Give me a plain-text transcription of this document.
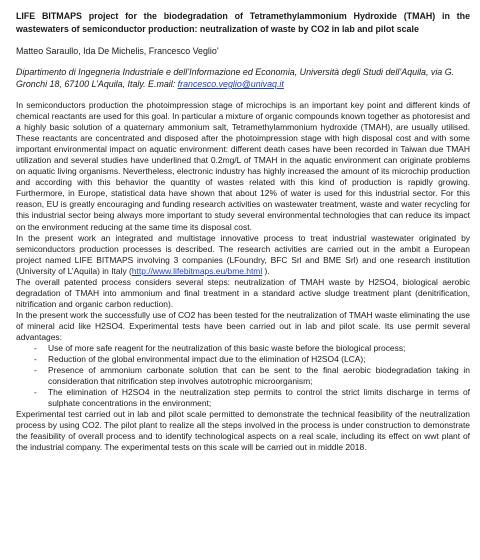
LIFE BITMAPS project for the biodegradation of Tetramethylammonium Hydroxide (TMAH) in the wastewaters of semiconductor production: neutralization of waste by CO2 in lab and pilot scale
Matteo Saraullo, Ida De Michelis, Francesco Veglio’
Dipartimento di Ingegneria Industriale e dell’Informazione ed Economia, Università degli Studi dell’Aquila, via G. Gronchi 18, 67100 L’Aquila, Italy. E.mail: francesco.veglio@univaq.it

In semiconductors production the photoimpression stage of microchips is an important key point and different kinds of chemical reactants are used for this goal. In particular a mixture of organic compounds known together as photoresist and a highly basic solution of a quaternary ammonium salt, Tetramethylammonium hydroxide (TMAH), are usually utilised. These reactants are concentrated and disposed after the photoimpression stage with high disposal cost and with some important environmental impact on aquatic environment: different death cases have been recorded in Taiwan due TMAH utilization and several studies have underlined that 0.2mg/L of TMAH in the aquatic environment can originate problems on aquatic living organisms. Nevertheless, electronic industry has highly increased the amount of its microchip production and according with this behavior the quantity of wastes related with this kind of production is rapidly growing. Furthermore, in Europe, statistical data have shown that about 12% of water is used for this industrial sector. For this reason, EU is greatly encouraging and funding research activities on wastewater treatment, waste and water recycling for this industrial sector being always more important to study several environmental technologies that can reduce its impact on the environment reducing at the same time its disposal cost.

In the present work an integrated and multistage innovative process to treat industrial wastewater originated by semiconductors production processes is described. The research activities are carried out in the ambit a European project named LIFE BITMAPS involving 3 companies (LFoundry, BFC Srl and BME Srl) and one research institution (University of L’Aquila) in Italy (http://www.lifebitmaps.eu/bme.html ).

The overall patented process considers several steps: neutralization of TMAH waste by H2SO4, biological aerobic degradation of TMAH into ammonium and final treatment in a standard active sludge treatment plant (denitrification, nitrification and organic carbon reduction).

In the present work the successfully use of CO2 has been tested for the neutralization of TMAH waste eliminating the use of mineral acid like H2SO4. Experimental tests have been carried out in lab and pilot scale. Its use permit several advantages:

- Use of more safe reagent for the neutralization of this basic waste before the biological process;
- Reduction of the global environmental impact due to the elimination of H2SO4 (LCA);
- Presence of ammonium carbonate solution that can be sent to the final aerobic biodegradation taking in consideration that nitrification step involves autotrophic microorganism;
- The elimination of H2SO4 in the neutralization step permits to control the strict limits discharge in terms of sulphate concentrations in the environment;

Experimental test carried out in lab and pilot scale permitted to demonstrate the technical feasibility of the neutralization process by using CO2. The pilot plant to realize all the steps involved in the process is under construction to demonstrate the feasibility of overall process and to identify technological aspects on a real scale, including its effect on wwt plant of the industrial company. The experimental tests on this scale will be carried out in middle 2018.
